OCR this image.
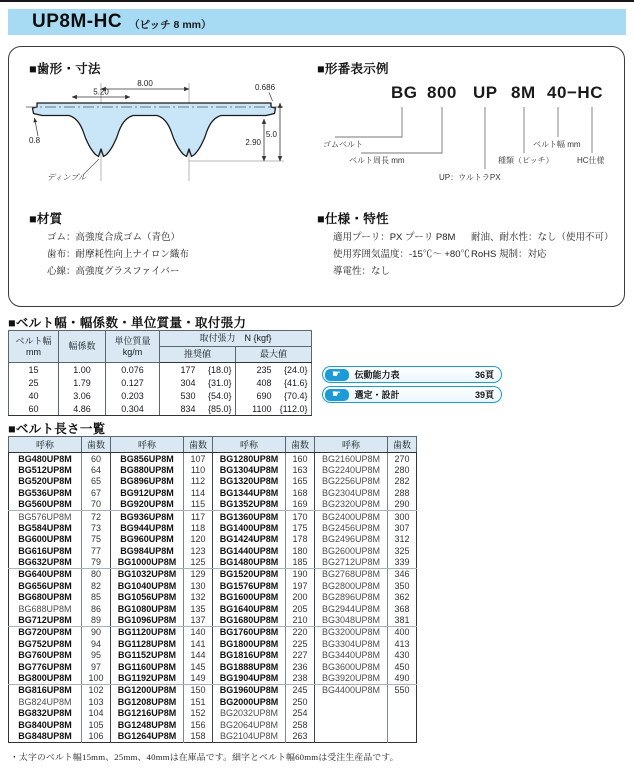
UP8M-HC （ピッチ 8 mm）
■歯形・寸法
8.00
5.20	0.686
5.0
2.90
0.8
ディンプル
■形番表示例
BG 800 UP 8M 40 −HC
ゴムベルト
ベルト周長 mm
UP：ウルトラPX
種類（ピッチ）
ベルト幅 mm
HC仕様
■材質
ゴム：高強度合成ゴム（青色）
歯布：耐摩耗性向上ナイロン織布
心線：高強度グラスファイバー
■仕様・特性
適用プーリ：PX プーリ P8M
使用雰囲気温度：-15℃〜 +80℃
導電性：なし
耐油、耐水性：なし（使用不可）
RoHS 規制：対応
■ベルト幅・幅係数・単位質量・取付張力
ベルト幅mm	幅係数	単位質量kg/m	取付張力　N {kgf}	
			推奨値	最大値
15	1.00	0.076	177 {18.0}	235 {24.0}
25	1.79	0.127	304 {31.0}	408 {41.6}
40	3.06	0.203	530 {54.0}	690 {70.4}
60	4.86	0.304	834 {85.0}	1100 {112.0}
☛	伝動能力表	36頁
☛	選定・設計	39頁
■ベルト長さ一覧
呼称	歯数	呼称	歯数	呼称	歯数	呼称	歯数
BG480UP8M	60	BG856UP8M	107	BG1280UP8M	160	BG2160UP8M	270
BG512UP8M	64	BG880UP8M	110	BG1304UP8M	163	BG2240UP8M	280
BG520UP8M	65	BG896UP8M	112	BG1320UP8M	165	BG2256UP8M	282
BG536UP8M	67	BG912UP8M	114	BG1344UP8M	168	BG2304UP8M	288
BG560UP8M	70	BG920UP8M	115	BG1352UP8M	169	BG2320UP8M	290
BG576UP8M	72	BG936UP8M	117	BG1360UP8M	170	BG2400UP8M	300
BG584UP8M	73	BG944UP8M	118	BG1400UP8M	175	BG2456UP8M	307
BG600UP8M	75	BG960UP8M	120	BG1424UP8M	178	BG2496UP8M	312
BG616UP8M	77	BG984UP8M	123	BG1440UP8M	180	BG2600UP8M	325
BG632UP8M	79	BG1000UP8M	125	BG1480UP8M	185	BG2712UP8M	339
BG640UP8M	80	BG1032UP8M	129	BG1520UP8M	190	BG2768UP8M	346
BG656UP8M	82	BG1040UP8M	130	BG1576UP8M	197	BG2800UP8M	350
BG680UP8M	85	BG1056UP8M	132	BG1600UP8M	200	BG2896UP8M	362
BG688UP8M	86	BG1080UP8M	135	BG1640UP8M	205	BG2944UP8M	368
BG712UP8M	89	BG1096UP8M	137	BG1680UP8M	210	BG3048UP8M	381
BG720UP8M	90	BG1120UP8M	140	BG1760UP8M	220	BG3200UP8M	400
BG752UP8M	94	BG1128UP8M	141	BG1800UP8M	225	BG3304UP8M	413
BG760UP8M	95	BG1152UP8M	144	BG1816UP8M	227	BG3440UP8M	430
BG776UP8M	97	BG1160UP8M	145	BG1888UP8M	236	BG3600UP8M	450
BG800UP8M	100	BG1192UP8M	149	BG1904UP8M	238	BG3920UP8M	490
BG816UP8M	102	BG1200UP8M	150	BG1960UP8M	245	BG4400UP8M	550
BG824UP8M	103	BG1208UP8M	151	BG2000UP8M	250		
BG832UP8M	104	BG1216UP8M	152	BG2032UP8M	254		
BG840UP8M	105	BG1248UP8M	156	BG2064UP8M	258		
BG848UP8M	106	BG1264UP8M	158	BG2104UP8M	263		
・太字のベルト幅15mm、25mm、40mmは在庫品です。細字とベルト幅60mmは受注生産品です。
